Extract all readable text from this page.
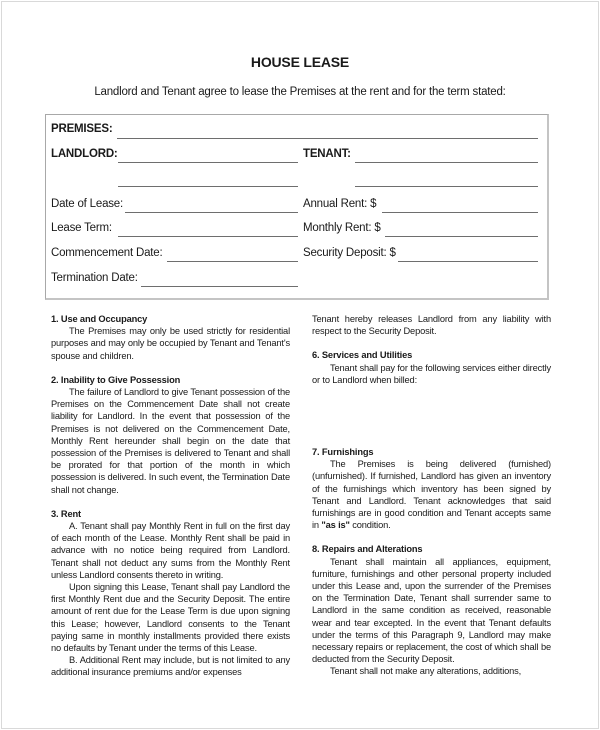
HOUSE LEASE
Landlord and Tenant agree to lease the Premises at the rent and for the term stated:
PREMISES:
LANDLORD:	TENANT:
Date of Lease:	Annual Rent: $
Lease Term:	Monthly Rent: $
Commencement Date:	Security Deposit: $
Termination Date:

1. Use and Occupancy

The Premises may only be used strictly for residential purposes and may only be occupied by Tenant and Tenant's spouse and children.

2. Inability to Give Possession

The failure of Landlord to give Tenant possession of the Premises on the Commencement Date shall not create liability for Landlord. In the event that possession of the Premises is not delivered on the Commencement Date, Monthly Rent hereunder shall begin on the date that possession of the Premises is delivered to Tenant and shall be prorated for that portion of the month in which possession is delivered. In such event, the Termination Date shall not change.

3. Rent

A. Tenant shall pay Monthly Rent in full on the first day of each month of the Lease. Monthly Rent shall be paid in advance with no notice being required from Landlord. Tenant shall not deduct any sums from the Monthly Rent unless Landlord consents thereto in writing.

Upon signing this Lease, Tenant shall pay Landlord the first Monthly Rent due and the Security Deposit. The entire amount of rent due for the Lease Term is due upon signing this Lease; however, Landlord consents to the Tenant paying same in monthly installments provided there exists no defaults by Tenant under the terms of this Lease.

B. Additional Rent may include, but is not limited to any additional insurance premiums and/or expenses

Tenant hereby releases Landlord from any liability with respect to the Security Deposit.

6. Services and Utilities

Tenant shall pay for the following services either directly or to Landlord when billed:

7. Furnishings

The Premises is being delivered (furnished) (unfurnished). If furnished, Landlord has given an inventory of the furnishings which inventory has been signed by Tenant and Landlord. Tenant acknowledges that said furnishings are in good condition and Tenant accepts same in "as is" condition.

8. Repairs and Alterations

Tenant shall maintain all appliances, equipment, furniture, furnishings and other personal property included under this Lease and, upon the surrender of the Premises on the Termination Date, Tenant shall surrender same to Landlord in the same condition as received, reasonable wear and tear excepted. In the event that Tenant defaults under the terms of this Paragraph 9, Landlord may make necessary repairs or replacement, the cost of which shall be deducted from the Security Deposit.

Tenant shall not make any alterations, additions,
